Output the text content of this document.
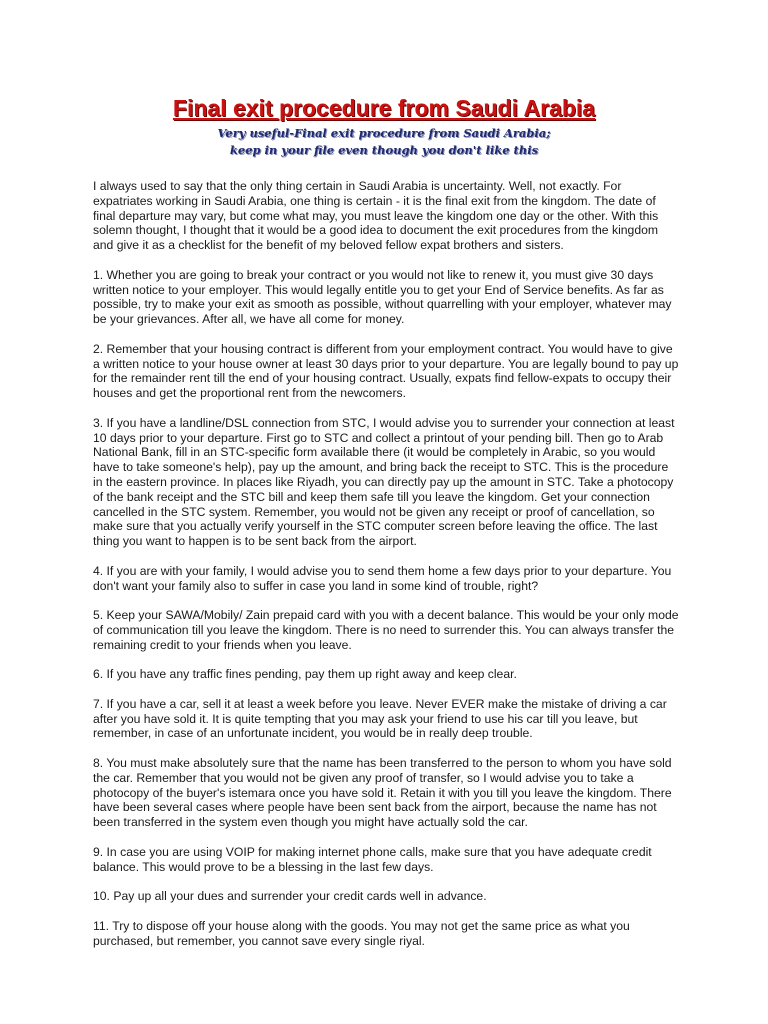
Final exit procedure from Saudi Arabia

Very useful-Final exit procedure from Saudi Arabia;

keep in your file even though you don't like this

I always used to say that the only thing certain in Saudi Arabia is uncertainty. Well, not exactly. For expatriates working in Saudi Arabia, one thing is certain - it is the final exit from the kingdom. The date of final departure may vary, but come what may, you must leave the kingdom one day or the other. With this solemn thought, I thought that it would be a good idea to document the exit procedures from the kingdom and give it as a checklist for the benefit of my beloved fellow expat brothers and sisters.

1. Whether you are going to break your contract or you would not like to renew it, you must give 30 days written notice to your employer. This would legally entitle you to get your End of Service benefits. As far as possible, try to make your exit as smooth as possible, without quarrelling with your employer, whatever may be your grievances. After all, we have all come for money.

2. Remember that your housing contract is different from your employment contract. You would have to give a written notice to your house owner at least 30 days prior to your departure. You are legally bound to pay up for the remainder rent till the end of your housing contract. Usually, expats find fellow-expats to occupy their houses and get the proportional rent from the newcomers.

3. If you have a landline/DSL connection from STC, I would advise you to surrender your connection at least 10 days prior to your departure. First go to STC and collect a printout of your pending bill. Then go to Arab National Bank, fill in an STC-specific form available there (it would be completely in Arabic, so you would have to take someone's help), pay up the amount, and bring back the receipt to STC. This is the procedure in the eastern province. In places like Riyadh, you can directly pay up the amount in STC. Take a photocopy of the bank receipt and the STC bill and keep them safe till you leave the kingdom. Get your connection cancelled in the STC system. Remember, you would not be given any receipt or proof of cancellation, so make sure that you actually verify yourself in the STC computer screen before leaving the office. The last thing you want to happen is to be sent back from the airport.

4. If you are with your family, I would advise you to send them home a few days prior to your departure. You don't want your family also to suffer in case you land in some kind of trouble, right?

5. Keep your SAWA/Mobily/ Zain prepaid card with you with a decent balance. This would be your only mode of communication till you leave the kingdom. There is no need to surrender this. You can always transfer the remaining credit to your friends when you leave.

6. If you have any traffic fines pending, pay them up right away and keep clear.

7. If you have a car, sell it at least a week before you leave. Never EVER make the mistake of driving a car after you have sold it. It is quite tempting that you may ask your friend to use his car till you leave, but remember, in case of an unfortunate incident, you would be in really deep trouble.

8. You must make absolutely sure that the name has been transferred to the person to whom you have sold the car. Remember that you would not be given any proof of transfer, so I would advise you to take a photocopy of the buyer's istemara once you have sold it. Retain it with you till you leave the kingdom. There have been several cases where people have been sent back from the airport, because the name has not been transferred in the system even though you might have actually sold the car.

9. In case you are using VOIP for making internet phone calls, make sure that you have adequate credit balance. This would prove to be a blessing in the last few days.

10. Pay up all your dues and surrender your credit cards well in advance.

11. Try to dispose off your house along with the goods. You may not get the same price as what you purchased, but remember, you cannot save every single riyal.
